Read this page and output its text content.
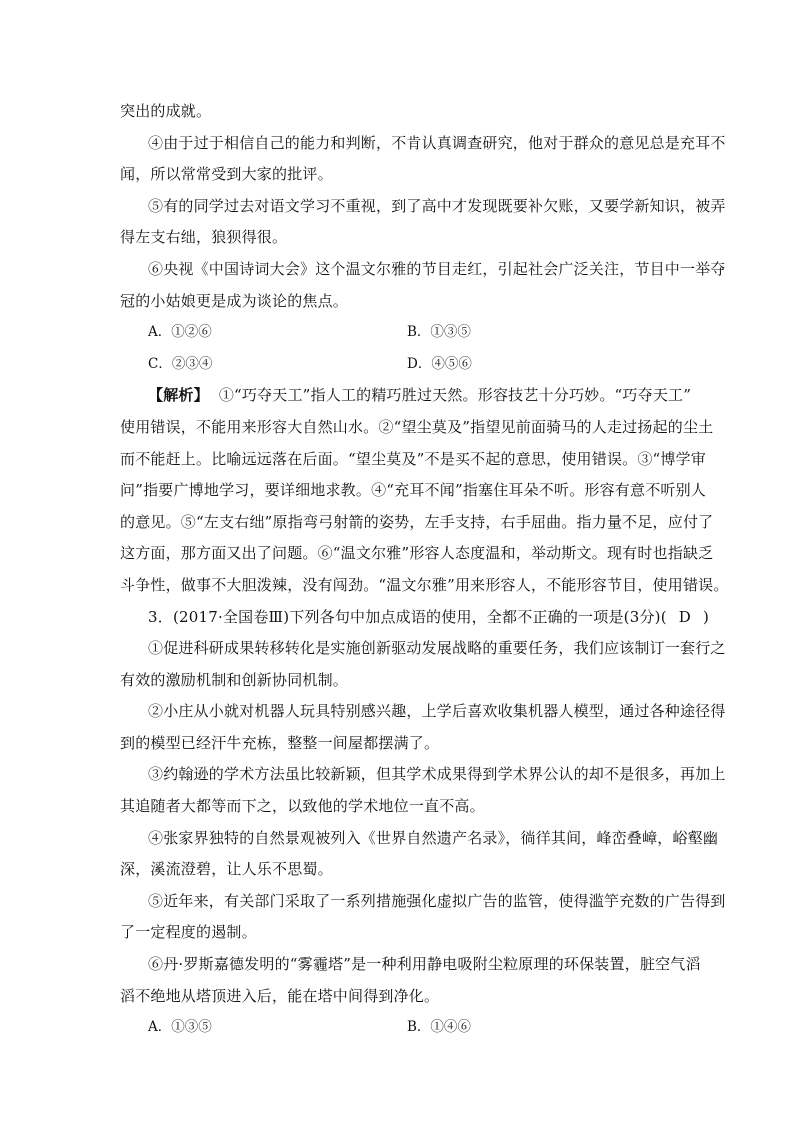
突出的成就。
④由于过于相信自己的能力和判断，不肯认真调查研究，他对于群众的意见总是充耳不
闻，所以常常受到大家的批评。
⑤有的同学过去对语文学习不重视，到了高中才发现既要补欠账，又要学新知识，被弄
得左支右绌，狼狈得很。
⑥央视《中国诗词大会》这个温文尔雅的节目走红，引起社会广泛关注，节目中一举夺
冠的小姑娘更是成为谈论的焦点。
A．①②⑥	B．①③⑤
C．②③④	D．④⑤⑥
【解析】 ①“巧夺天工”指人工的精巧胜过天然。形容技艺十分巧妙。“巧夺天工”
使用错误，不能用来形容大自然山水。②“望尘莫及”指望见前面骑马的人走过扬起的尘土
而不能赶上。比喻远远落在后面。“望尘莫及”不是买不起的意思，使用错误。③“博学审
问”指要广博地学习，要详细地求教。④“充耳不闻”指塞住耳朵不听。形容有意不听别人
的意见。⑤“左支右绌”原指弯弓射箭的姿势，左手支持，右手屈曲。指力量不足，应付了
这方面，那方面又出了问题。⑥“温文尔雅”形容人态度温和，举动斯文。现有时也指缺乏
斗争性，做事不大胆泼辣，没有闯劲。“温文尔雅”用来形容人，不能形容节目，使用错误。
3．(2017·全国卷Ⅲ)下列各句中加点成语的使用，全都不正确的一项是(3分)( D )
①促进科研成果转移转化是实施创新驱动发展战略的重要任务，我们应该制订一套行之
有效的激励机制和创新协同机制。
②小庄从小就对机器人玩具特别感兴趣，上学后喜欢收集机器人模型，通过各种途径得
到的模型已经汗牛充栋，整整一间屋都摆满了。
③约翰逊的学术方法虽比较新颖，但其学术成果得到学术界公认的却不是很多，再加上
其追随者大都等而下之，以致他的学术地位一直不高。
④张家界独特的自然景观被列入《世界自然遗产名录》，徜徉其间，峰峦叠嶂，峪壑幽
深，溪流澄碧，让人乐不思蜀。
⑤近年来，有关部门采取了一系列措施强化虚拟广告的监管，使得滥竽充数的广告得到
了一定程度的遏制。
⑥丹·罗斯嘉德发明的“雾霾塔”是一种利用静电吸附尘粒原理的环保装置，脏空气滔
滔不绝地从塔顶进入后，能在塔中间得到净化。
A．①③⑤	B．①④⑥
